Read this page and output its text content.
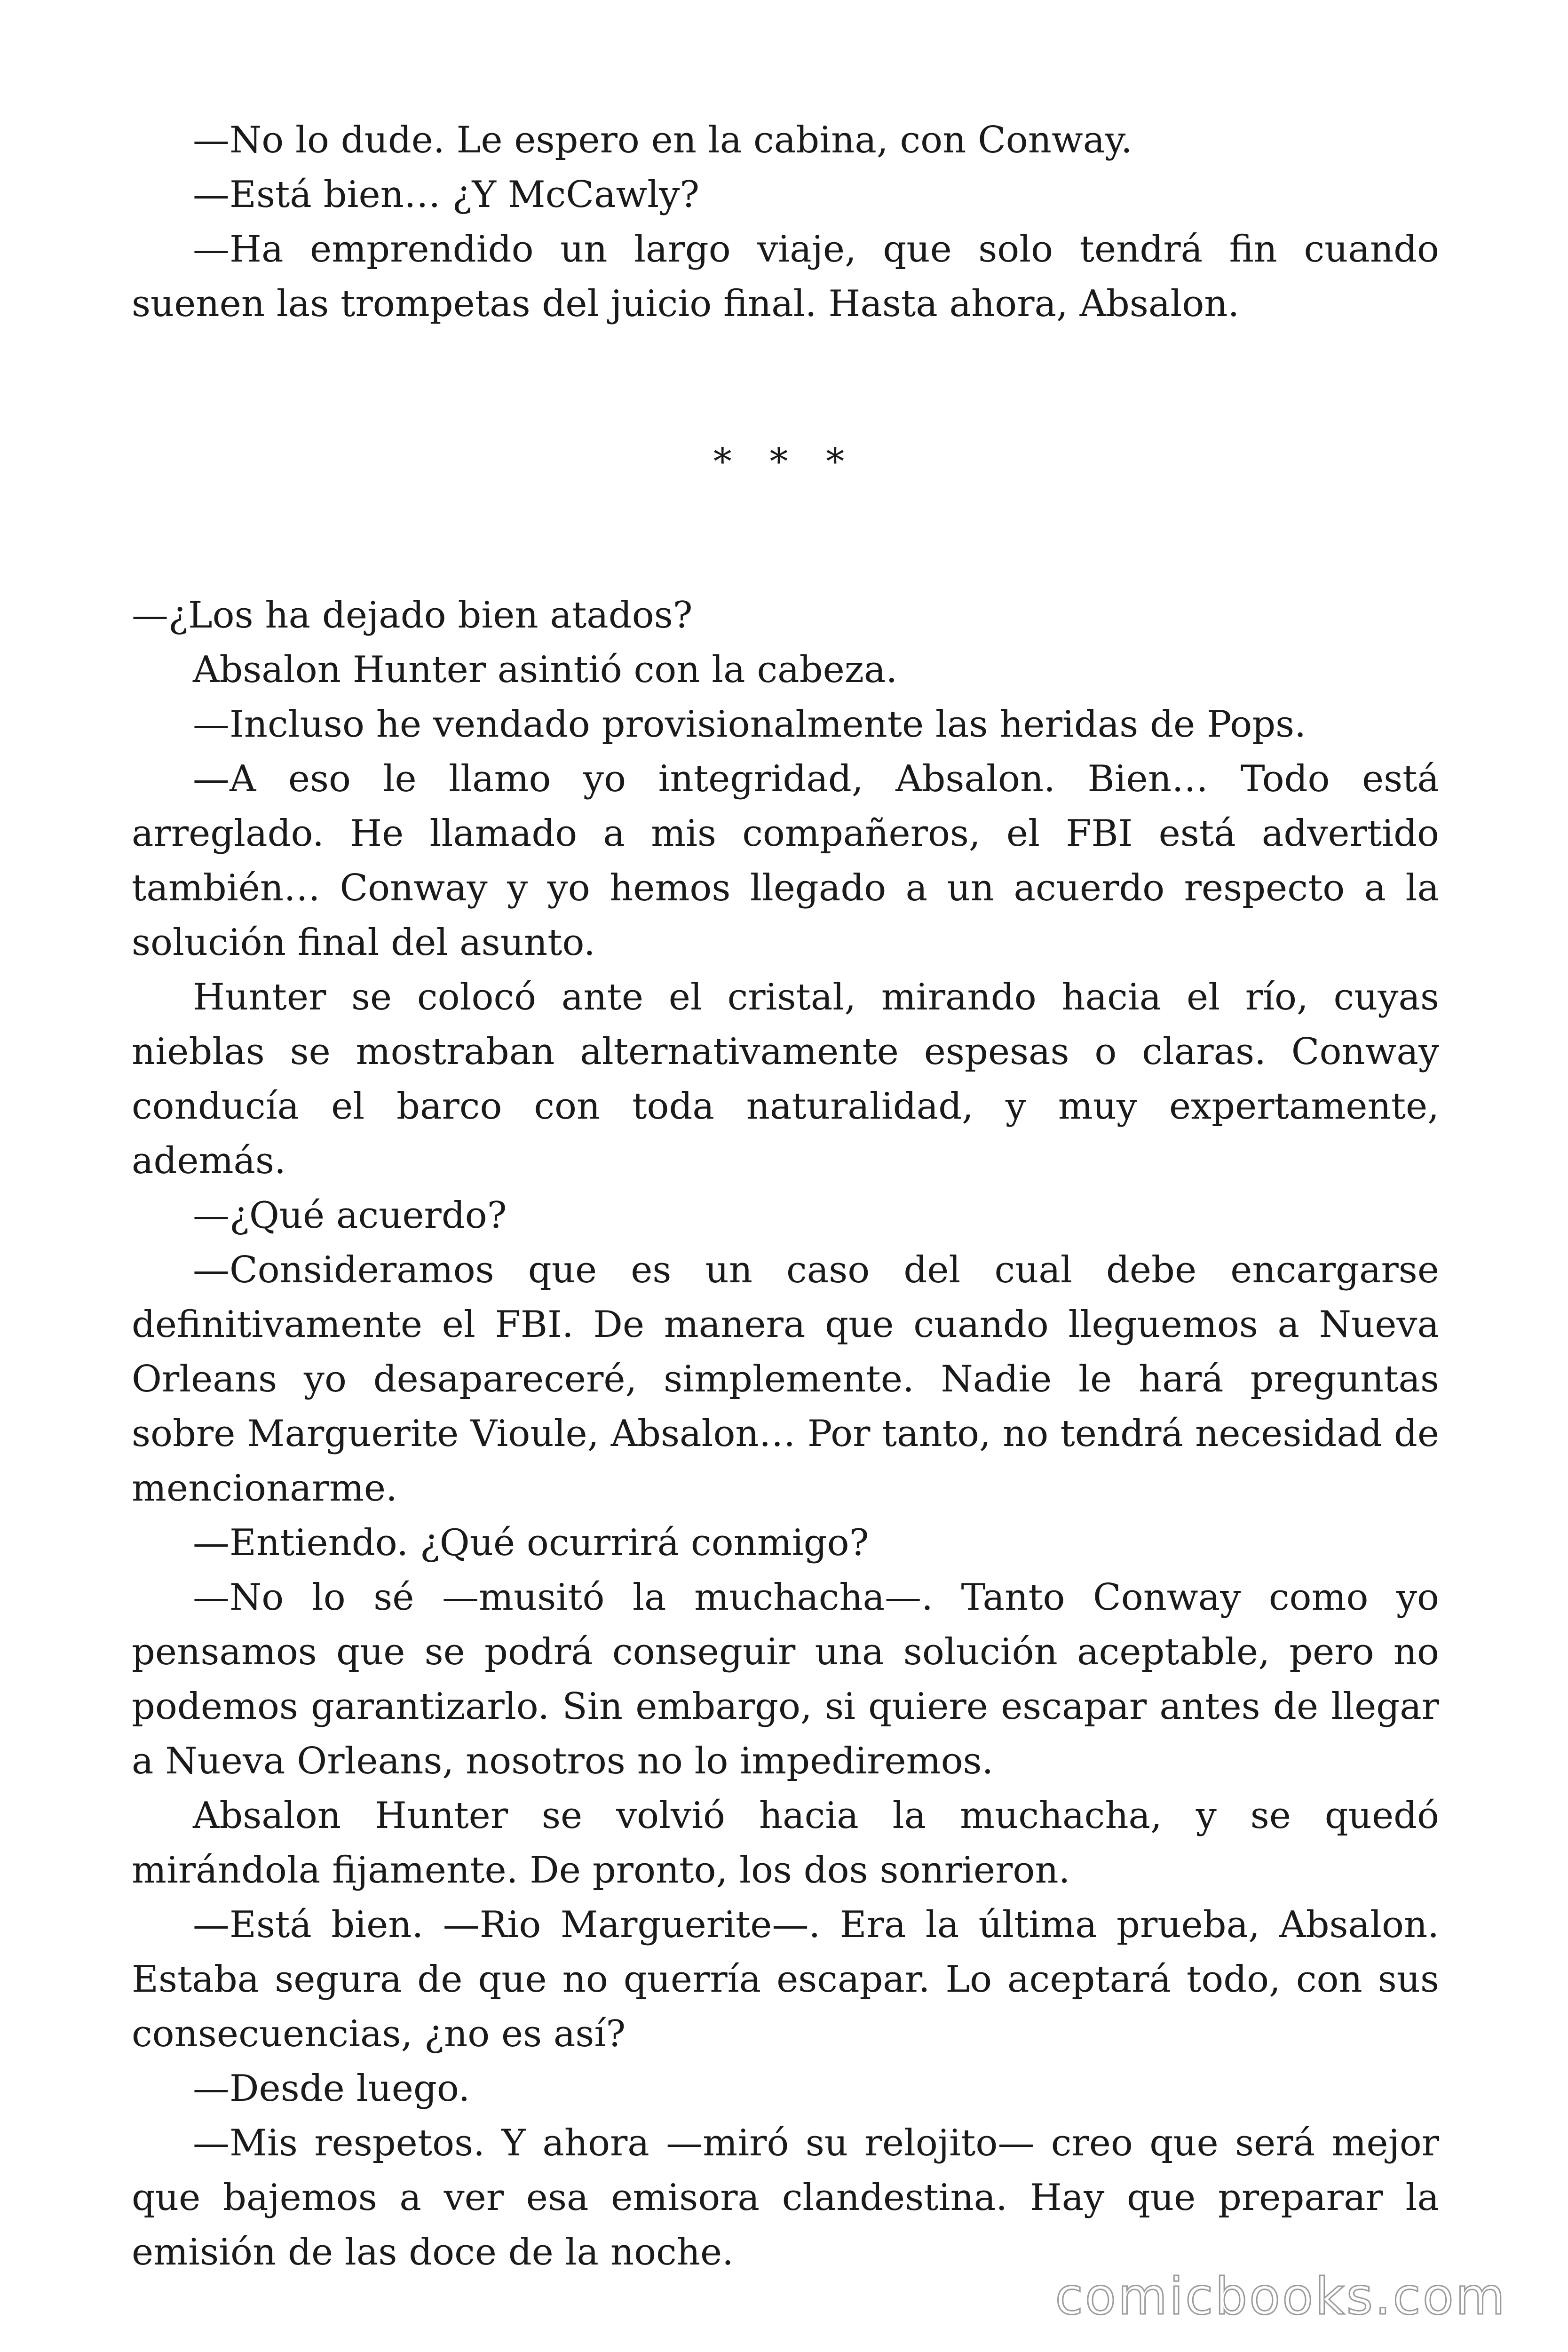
—No lo dude. Le espero en la cabina, con Conway.

—Está bien… ¿Y McCawly?

—Ha emprendido un largo viaje, que solo tendrá fin cuando suenen las trompetas del juicio final. Hasta ahora, Absalon.

* * *

—¿Los ha dejado bien atados?

Absalon Hunter asintió con la cabeza.

—Incluso he vendado provisionalmente las heridas de Pops.

—A eso le llamo yo integridad, Absalon. Bien… Todo está arreglado. He llamado a mis compañeros, el FBI está advertido también… Conway y yo hemos llegado a un acuerdo respecto a la solución final del asunto.

Hunter se colocó ante el cristal, mirando hacia el río, cuyas nieblas se mostraban alternativamente espesas o claras. Conway conducía el barco con toda naturalidad, y muy expertamente, además.

—¿Qué acuerdo?

—Consideramos que es un caso del cual debe encargarse definitivamente el FBI. De manera que cuando lleguemos a Nueva Orleans yo desapareceré, simplemente. Nadie le hará preguntas sobre Marguerite Vioule, Absalon… Por tanto, no tendrá necesidad de mencionarme.

—Entiendo. ¿Qué ocurrirá conmigo?

—No lo sé —musitó la muchacha—. Tanto Conway como yo pensamos que se podrá conseguir una solución aceptable, pero no podemos garantizarlo. Sin embargo, si quiere escapar antes de llegar a Nueva Orleans, nosotros no lo impediremos.

Absalon Hunter se volvió hacia la muchacha, y se quedó mirándola fijamente. De pronto, los dos sonrieron.

—Está bien. —Rio Marguerite—. Era la última prueba, Absalon. Estaba segura de que no querría escapar. Lo aceptará todo, con sus consecuencias, ¿no es así?

—Desde luego.

—Mis respetos. Y ahora —miró su relojito— creo que será mejor que bajemos a ver esa emisora clandestina. Hay que preparar la emisión de las doce de la noche.

comicbooks.com
